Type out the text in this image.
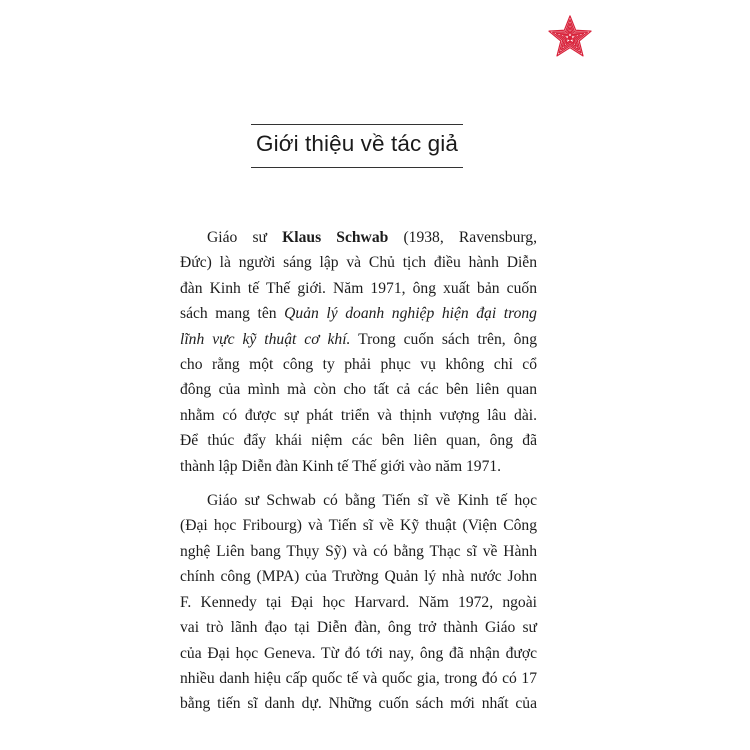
Giới thiệu về tác giả
Giáo sư Klaus Schwab (1938, Ravensburg,
Đức) là người sáng lập và Chủ tịch điều hành Diễn
đàn Kinh tế Thế giới. Năm 1971, ông xuất bản cuốn
sách mang tên Quản lý doanh nghiệp hiện đại trong
lĩnh vực kỹ thuật cơ khí. Trong cuốn sách trên, ông
cho rằng một công ty phải phục vụ không chỉ cổ
đông của mình mà còn cho tất cả các bên liên quan
nhằm có được sự phát triển và thịnh vượng lâu dài.
Để thúc đẩy khái niệm các bên liên quan, ông đã
thành lập Diễn đàn Kinh tế Thế giới vào năm 1971.
Giáo sư Schwab có bằng Tiến sĩ về Kinh tế học
(Đại học Fribourg) và Tiến sĩ về Kỹ thuật (Viện Công
nghệ Liên bang Thụy Sỹ) và có bằng Thạc sĩ về Hành
chính công (MPA) của Trường Quản lý nhà nước John
F. Kennedy tại Đại học Harvard. Năm 1972, ngoài
vai trò lãnh đạo tại Diễn đàn, ông trở thành Giáo sư
của Đại học Geneva. Từ đó tới nay, ông đã nhận được
nhiều danh hiệu cấp quốc tế và quốc gia, trong đó có 17
bằng tiến sĩ danh dự. Những cuốn sách mới nhất của
